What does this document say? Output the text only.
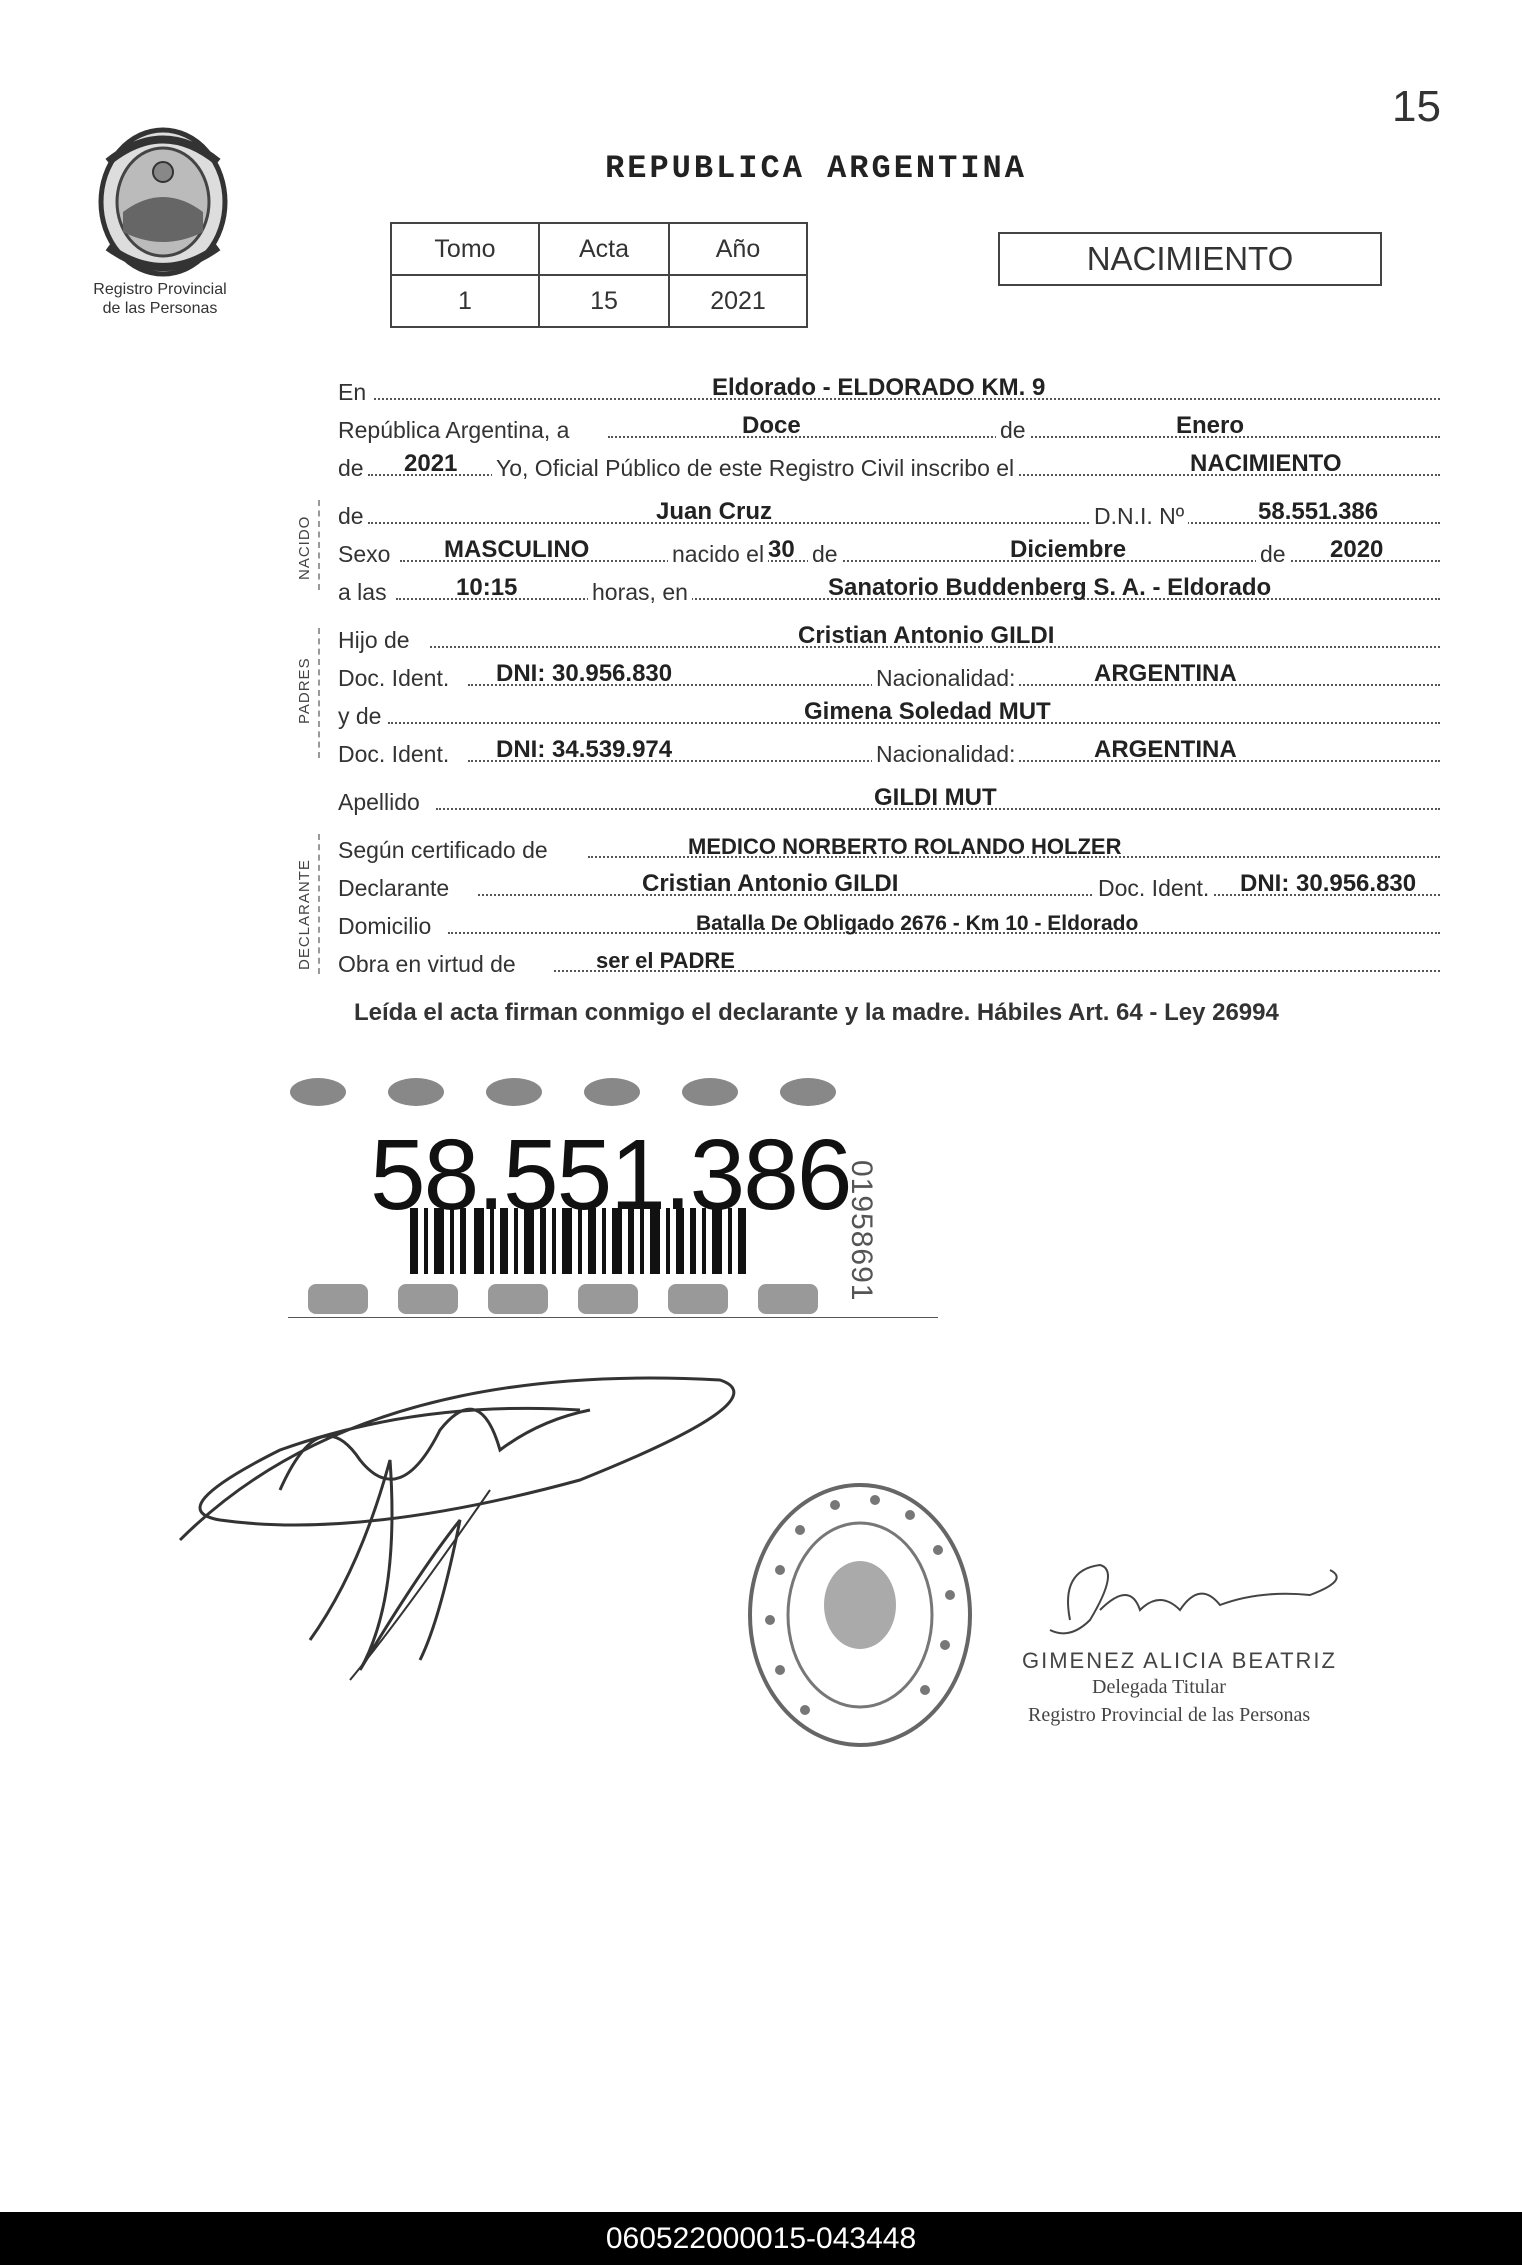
15
Registro Provincial
de las Personas
REPUBLICA ARGENTINA
Tomo	Acta	Año
1	15	2021
NACIMIENTO
NACIDO
PADRES
DECLARANTE
En	Eldorado - ELDORADO KM. 9
República Argentina, a	Doce	de	Enero
de 2021 Yo, Oficial Público de este Registro Civil inscribo el	NACIMIENTO
de	Juan Cruz	D.N.I. Nº	58.551.386
Sexo MASCULINO	nacido el 30 de	Diciembre	de 2020
a las	10:15	horas, en	Sanatorio Buddenberg S. A. - Eldorado
Hijo de	Cristian Antonio GILDI
Doc. Ident. DNI: 30.956.830	Nacionalidad:	ARGENTINA
y de	Gimena Soledad MUT
Doc. Ident. DNI: 34.539.974	Nacionalidad:	ARGENTINA
Apellido	GILDI MUT
Según certificado de	MEDICO NORBERTO ROLANDO HOLZER
Declarante	Cristian Antonio GILDI	Doc. Ident. DNI: 30.956.830
Domicilio	Batalla De Obligado 2676 - Km 10 - Eldorado
Obra en virtud de	ser el PADRE
Leída el acta firman conmigo el declarante y la madre. Hábiles Art. 64 - Ley 26994
58.551.386
01958691
GIMENEZ ALICIA BEATRIZ
Delegada Titular
Registro Provincial de las Personas
060522000015-043448
